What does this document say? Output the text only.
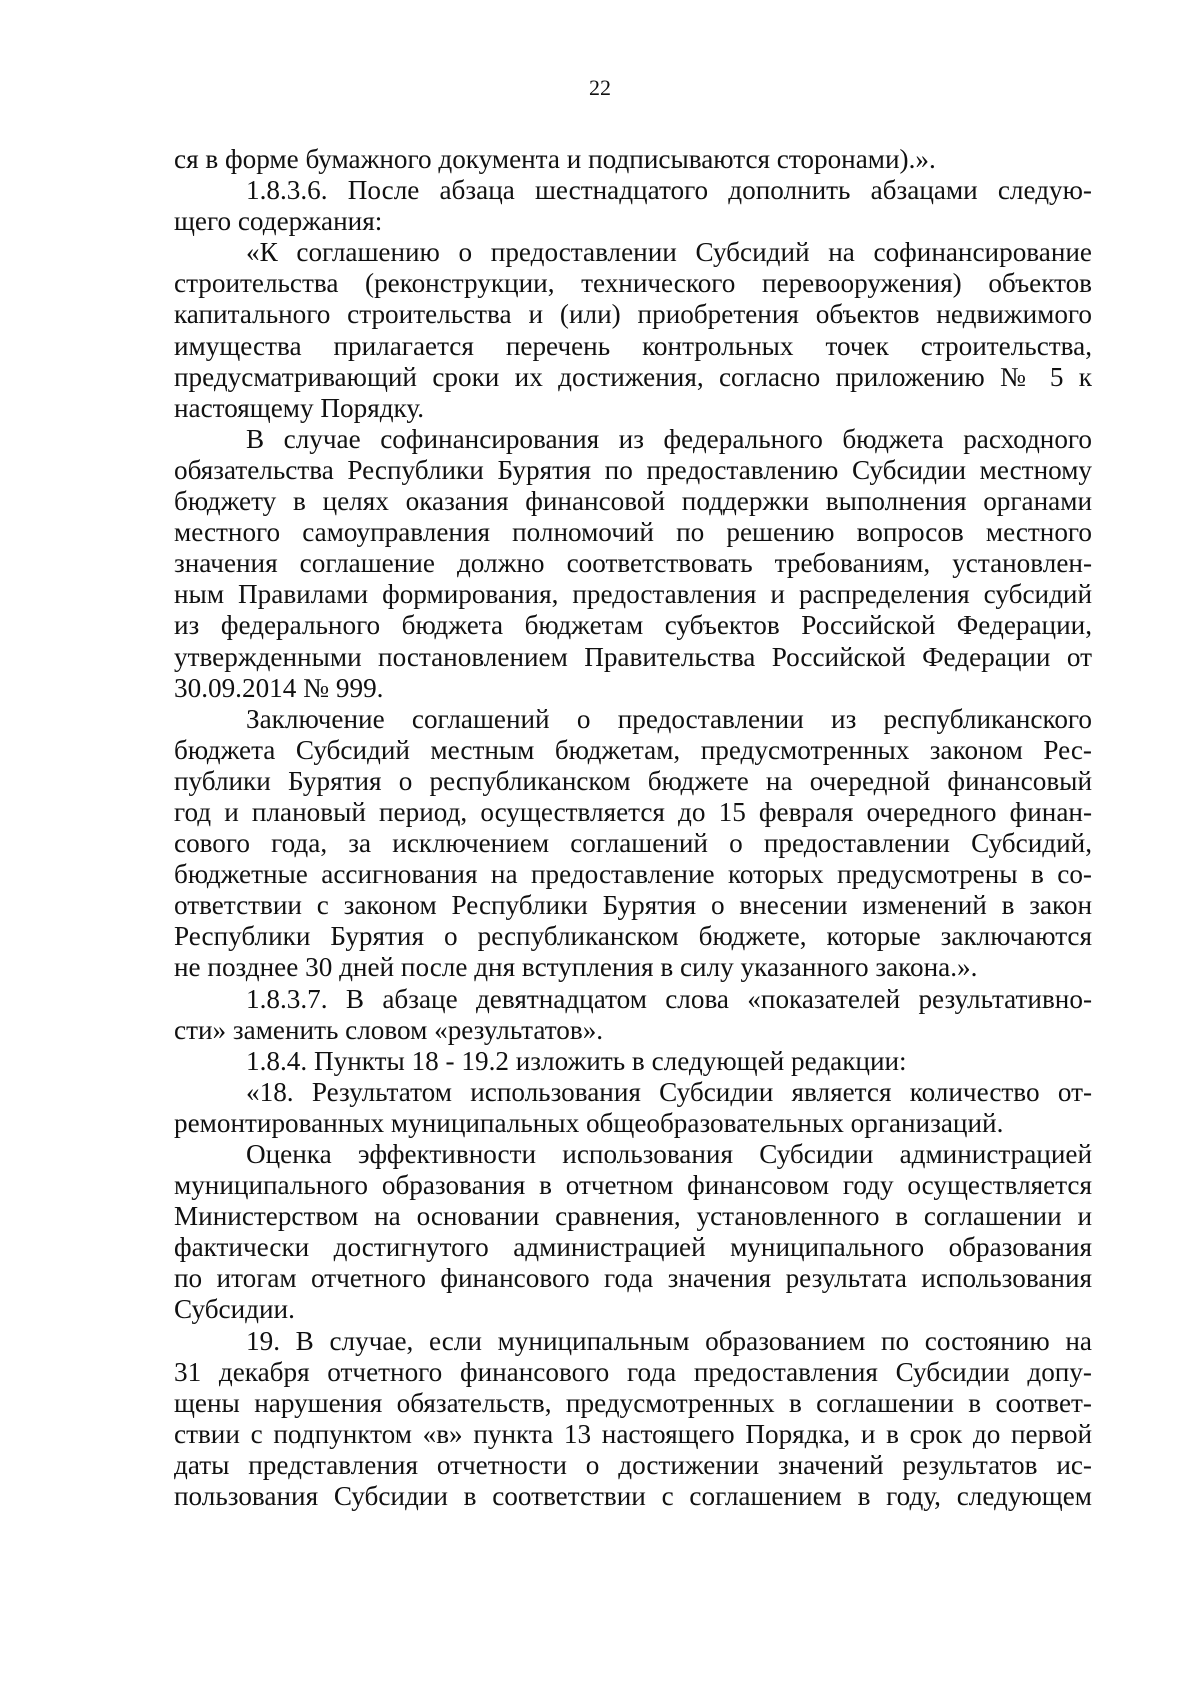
22
ся в форме бумажного документа и подписываются сторонами).».
1.8.3.6. После абзаца шестнадцатого дополнить абзацами следую-
щего содержания:
«К соглашению о предоставлении Субсидий на софинансирование
строительства (реконструкции, технического перевооружения) объектов
капитального строительства и (или) приобретения объектов недвижимого
имущества прилагается перечень контрольных точек строительства,
предусматривающий сроки их достижения, согласно приложению № 5 к
настоящему Порядку.
В случае софинансирования из федерального бюджета расходного
обязательства Республики Бурятия по предоставлению Субсидии местному
бюджету в целях оказания финансовой поддержки выполнения органами
местного самоуправления полномочий по решению вопросов местного
значения соглашение должно соответствовать требованиям, установлен-
ным Правилами формирования, предоставления и распределения субсидий
из федерального бюджета бюджетам субъектов Российской Федерации,
утвержденными постановлением Правительства Российской Федерации от
30.09.2014 № 999.
Заключение соглашений о предоставлении из республиканского
бюджета Субсидий местным бюджетам, предусмотренных законом Рес-
публики Бурятия о республиканском бюджете на очередной финансовый
год и плановый период, осуществляется до 15 февраля очередного финан-
сового года, за исключением соглашений о предоставлении Субсидий,
бюджетные ассигнования на предоставление которых предусмотрены в со-
ответствии с законом Республики Бурятия о внесении изменений в закон
Республики Бурятия о республиканском бюджете, которые заключаются
не позднее 30 дней после дня вступления в силу указанного закона.».
1.8.3.7. В абзаце девятнадцатом слова «показателей результативно-
сти» заменить словом «результатов».
1.8.4. Пункты 18 - 19.2 изложить в следующей редакции:
«18. Результатом использования Субсидии является количество от-
ремонтированных муниципальных общеобразовательных организаций.
Оценка эффективности использования Субсидии администрацией
муниципального образования в отчетном финансовом году осуществляется
Министерством на основании сравнения, установленного в соглашении и
фактически достигнутого администрацией муниципального образования
по итогам отчетного финансового года значения результата использования
Субсидии.
19. В случае, если муниципальным образованием по состоянию на
31 декабря отчетного финансового года предоставления Субсидии допу-
щены нарушения обязательств, предусмотренных в соглашении в соответ-
ствии с подпунктом «в» пункта 13 настоящего Порядка, и в срок до первой
даты представления отчетности о достижении значений результатов ис-
пользования Субсидии в соответствии с соглашением в году, следующем
